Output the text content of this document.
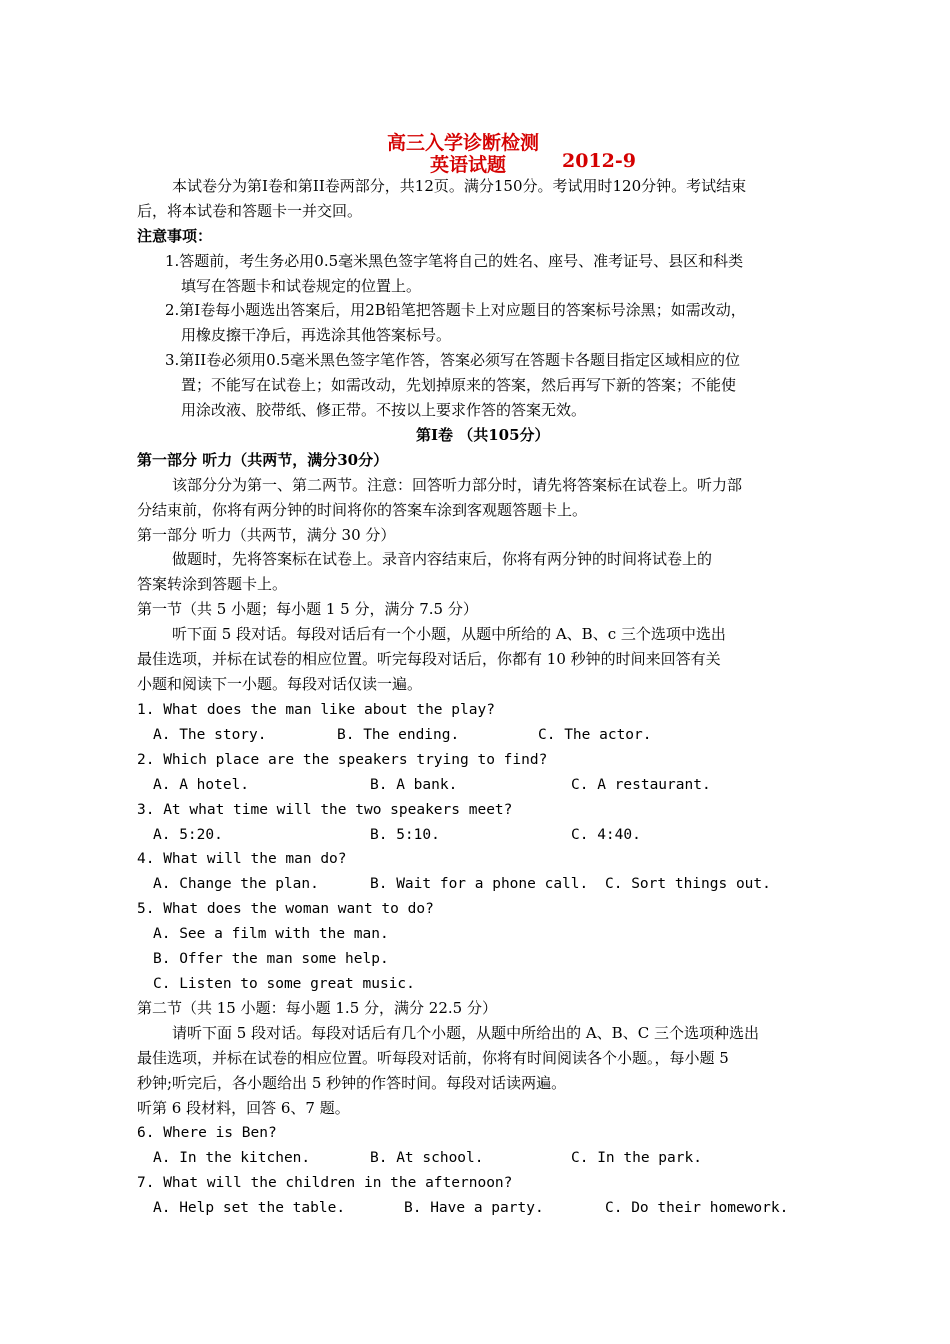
高三入学诊断检测
英语试题	2012-9
本试卷分为第I卷和第II卷两部分，共12页。满分150分。考试用时120分钟。考试结束
后，将本试卷和答题卡一并交回。
注意事项：
1.答题前，考生务必用0.5毫米黑色签字笔将自己的姓名、座号、准考证号、县区和科类
填写在答题卡和试卷规定的位置上。
2.第I卷每小题选出答案后，用2B铅笔把答题卡上对应题目的答案标号涂黑；如需改动，
用橡皮擦干净后，再选涂其他答案标号。
3.第II卷必须用0.5毫米黑色签字笔作答，答案必须写在答题卡各题目指定区域相应的位
置；不能写在试卷上；如需改动，先划掉原来的答案，然后再写下新的答案；不能使
用涂改液、胶带纸、修正带。不按以上要求作答的答案无效。
第I卷 （共105分）
第一部分 听力（共两节，满分30分）
该部分分为第一、第二两节。注意：回答听力部分时，请先将答案标在试卷上。听力部
分结束前，你将有两分钟的时间将你的答案车涂到客观题答题卡上。
第一部分 听力（共两节，满分 30 分）
做题时，先将答案标在试卷上。录音内容结束后，你将有两分钟的时间将试卷上的
答案转涂到答题卡上。
第一节（共 5 小题；每小题 1 5 分，满分 7.5 分）
听下面 5 段对话。每段对话后有一个小题，从题中所给的 A、B、c 三个选项中选出
最佳选项，并标在试卷的相应位置。听完每段对话后，你都有 10 秒钟的时间来回答有关
小题和阅读下一小题。每段对话仅读一遍。
1. What does the man like about the play?
A. The story.	B. The ending.	C. The actor.
2. Which place are the speakers trying to find?
A. A hotel.	B. A bank.	C. A restaurant.
3. At what time will the two speakers meet?
A. 5:20.	B. 5:10.	C. 4:40.
4. What will the man do?
A. Change the plan.	B. Wait for a phone call. C. Sort things out.
5. What does the woman want to do?
A. See a film with the man.
B. Offer the man some help.
C. Listen to some great music.
第二节（共 15 小题：每小题 1.5 分，满分 22.5 分）
请听下面 5 段对话。每段对话后有几个小题，从题中所给出的 A、B、C 三个选项种选出
最佳选项，并标在试卷的相应位置。听每段对话前，你将有时间阅读各个小题。，每小题 5
秒钟;听完后，各小题给出 5 秒钟的作答时间。每段对话读两遍。
听第 6 段材料，回答 6、7 题。
6. Where is Ben?
A. In the kitchen.	B. At school.	C. In the park.
7. What will the children in the afternoon?
A. Help set the table.	B. Have a party.	C. Do their homework.
